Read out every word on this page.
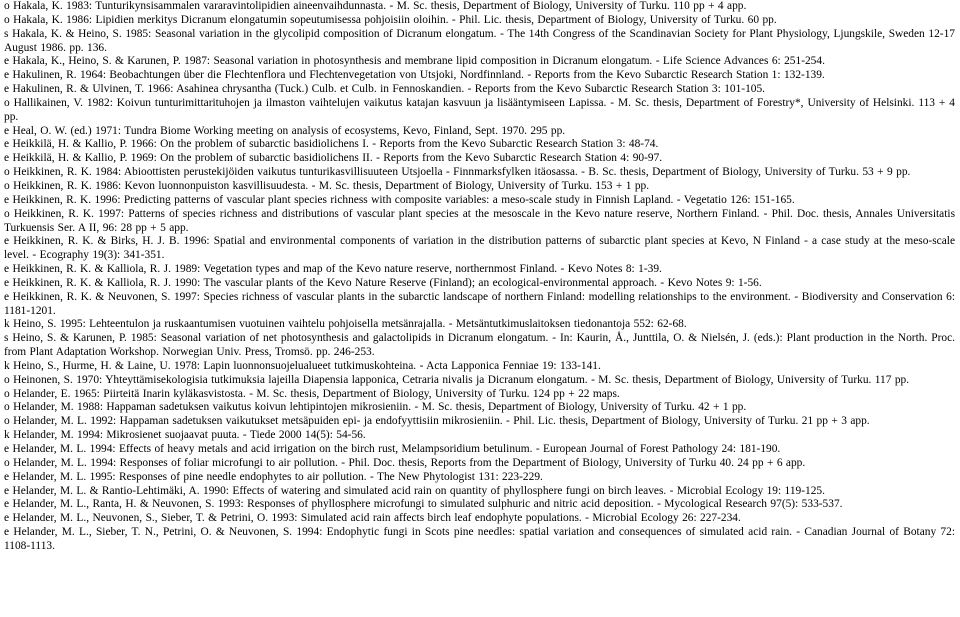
o Hakala, K. 1983: Tunturikynsisammalen vararavintolipidien aineenvaihdunnasta. - M. Sc. thesis, Department of Biology, University of Turku. 110 pp + 4 app.

o Hakala, K. 1986: Lipidien merkitys Dicranum elongatumin sopeutumisessa pohjoisiin oloihin. - Phil. Lic. thesis, Department of Biology, University of Turku. 60 pp.

s Hakala, K. & Heino, S. 1985: Seasonal variation in the glycolipid composition of Dicranum elongatum. - The 14th Congress of the Scandinavian Society for Plant Physiology, Ljungskile, Sweden 12-17 August 1986. pp. 136.

e Hakala, K., Heino, S. & Karunen, P. 1987: Seasonal variation in photosynthesis and membrane lipid composition in Dicranum elongatum. - Life Science Advances 6: 251-254.

e Hakulinen, R. 1964: Beobachtungen über die Flechtenflora und Flechtenvegetation von Utsjoki, Nordfinnland. - Reports from the Kevo Subarctic Research Station 1: 132-139.

e Hakulinen, R. & Ulvinen, T. 1966: Asahinea chrysantha (Tuck.) Culb. et Culb. in Fennoskandien. - Reports from the Kevo Subarctic Research Station 3: 101-105.

o Hallikainen, V. 1982: Koivun tunturimittarituhojen ja ilmaston vaihtelujen vaikutus katajan kasvuun ja lisääntymiseen Lapissa. - M. Sc. thesis, Department of Forestry*, University of Helsinki. 113 + 4 pp.

e Heal, O. W. (ed.) 1971: Tundra Biome Working meeting on analysis of ecosystems, Kevo, Finland, Sept. 1970. 295 pp.

e Heikkilä, H. & Kallio, P. 1966: On the problem of subarctic basidiolichens I. - Reports from the Kevo Subarctic Research Station 3: 48-74.

e Heikkilä, H. & Kallio, P. 1969: On the problem of subarctic basidiolichens II. - Reports from the Kevo Subarctic Research Station 4: 90-97.

o Heikkinen, R. K. 1984: Abioottisten perustekijöiden vaikutus tunturikasvillisuuteen Utsjoella - Finnmarksfylken itäosassa. - B. Sc. thesis, Department of Biology, University of Turku. 53 + 9 pp.

o Heikkinen, R. K. 1986: Kevon luonnonpuiston kasvillisuudesta. - M. Sc. thesis, Department of Biology, University of Turku. 153 + 1 pp.

e Heikkinen, R. K. 1996: Predicting patterns of vascular plant species richness with composite variables: a meso-scale study in Finnish Lapland. - Vegetatio 126: 151-165.

o Heikkinen, R. K. 1997: Patterns of species richness and distributions of vascular plant species at the mesoscale in the Kevo nature reserve, Northern Finland. - Phil. Doc. thesis, Annales Universitatis Turkuensis Ser. A II, 96: 28 pp + 5 app.

e Heikkinen, R. K. & Birks, H. J. B. 1996: Spatial and environmental components of variation in the distribution patterns of subarctic plant species at Kevo, N Finland - a case study at the meso-scale level. - Ecography 19(3): 341-351.

e Heikkinen, R. K. & Kalliola, R. J. 1989: Vegetation types and map of the Kevo nature reserve, northernmost Finland. - Kevo Notes 8: 1-39.

e Heikkinen, R. K. & Kalliola, R. J. 1990: The vascular plants of the Kevo Nature Reserve (Finland); an ecological-environmental approach. - Kevo Notes 9: 1-56.

e Heikkinen, R. K. & Neuvonen, S. 1997: Species richness of vascular plants in the subarctic landscape of northern Finland: modelling relationships to the environment. - Biodiversity and Conservation 6: 1181-1201.

k Heino, S. 1995: Lehteentulon ja ruskaantumisen vuotuinen vaihtelu pohjoisella metsänrajalla. - Metsäntutkimuslaitoksen tiedonantoja 552: 62-68.

s Heino, S. & Karunen, P. 1985: Seasonal variation of net photosynthesis and galactolipids in Dicranum elongatum. - In: Kaurin, Å., Junttila, O. & Nielsén, J. (eds.): Plant production in the North. Proc. from Plant Adaptation Workshop. Norwegian Univ. Press, Tromsö. pp. 246-253.

k Heino, S., Hurme, H. & Laine, U. 1978: Lapin luonnonsuojelualueet tutkimuskohteina. - Acta Lapponica Fenniae 19: 133-141.

o Heinonen, S. 1970: Yhteyttämisekologisia tutkimuksia lajeilla Diapensia lapponica, Cetraria nivalis ja Dicranum elongatum. - M. Sc. thesis, Department of Biology, University of Turku. 117 pp.

o Helander, E. 1965: Piirteitä Inarin kyläkasvistosta. - M. Sc. thesis, Department of Biology, University of Turku. 124 pp + 22 maps.

o Helander, M. 1988: Happaman sadetuksen vaikutus koivun lehtipintojen mikrosieniin. - M. Sc. thesis, Department of Biology, University of Turku. 42 + 1 pp.

o Helander, M. L. 1992: Happaman sadetuksen vaikutukset metsäpuiden epi- ja endofyyttisiin mikrosieniin. - Phil. Lic. thesis, Department of Biology, University of Turku. 21 pp + 3 app.

k Helander, M. 1994: Mikrosienet suojaavat puuta. - Tiede 2000 14(5): 54-56.

e Helander, M. L. 1994: Effects of heavy metals and acid irrigation on the birch rust, Melampsoridium betulinum. - European Journal of Forest Pathology 24: 181-190.

o Helander, M. L. 1994: Responses of foliar microfungi to air pollution. - Phil. Doc. thesis, Reports from the Department of Biology, University of Turku 40. 24 pp + 6 app.

e Helander, M. L. 1995: Responses of pine needle endophytes to air pollution. - The New Phytologist 131: 223-229.

e Helander, M. L. & Rantio-Lehtimäki, A. 1990: Effects of watering and simulated acid rain on quantity of phyllosphere fungi on birch leaves. - Microbial Ecology 19: 119-125.

e Helander, M. L., Ranta, H. & Neuvonen, S. 1993: Responses of phyllosphere microfungi to simulated sulphuric and nitric acid deposition. - Mycological Research 97(5): 533-537.

e Helander, M. L., Neuvonen, S., Sieber, T. & Petrini, O. 1993: Simulated acid rain affects birch leaf endophyte populations. - Microbial Ecology 26: 227-234.

e Helander, M. L., Sieber, T. N., Petrini, O. & Neuvonen, S. 1994: Endophytic fungi in Scots pine needles: spatial variation and consequences of simulated acid rain. - Canadian Journal of Botany 72: 1108-1113.
